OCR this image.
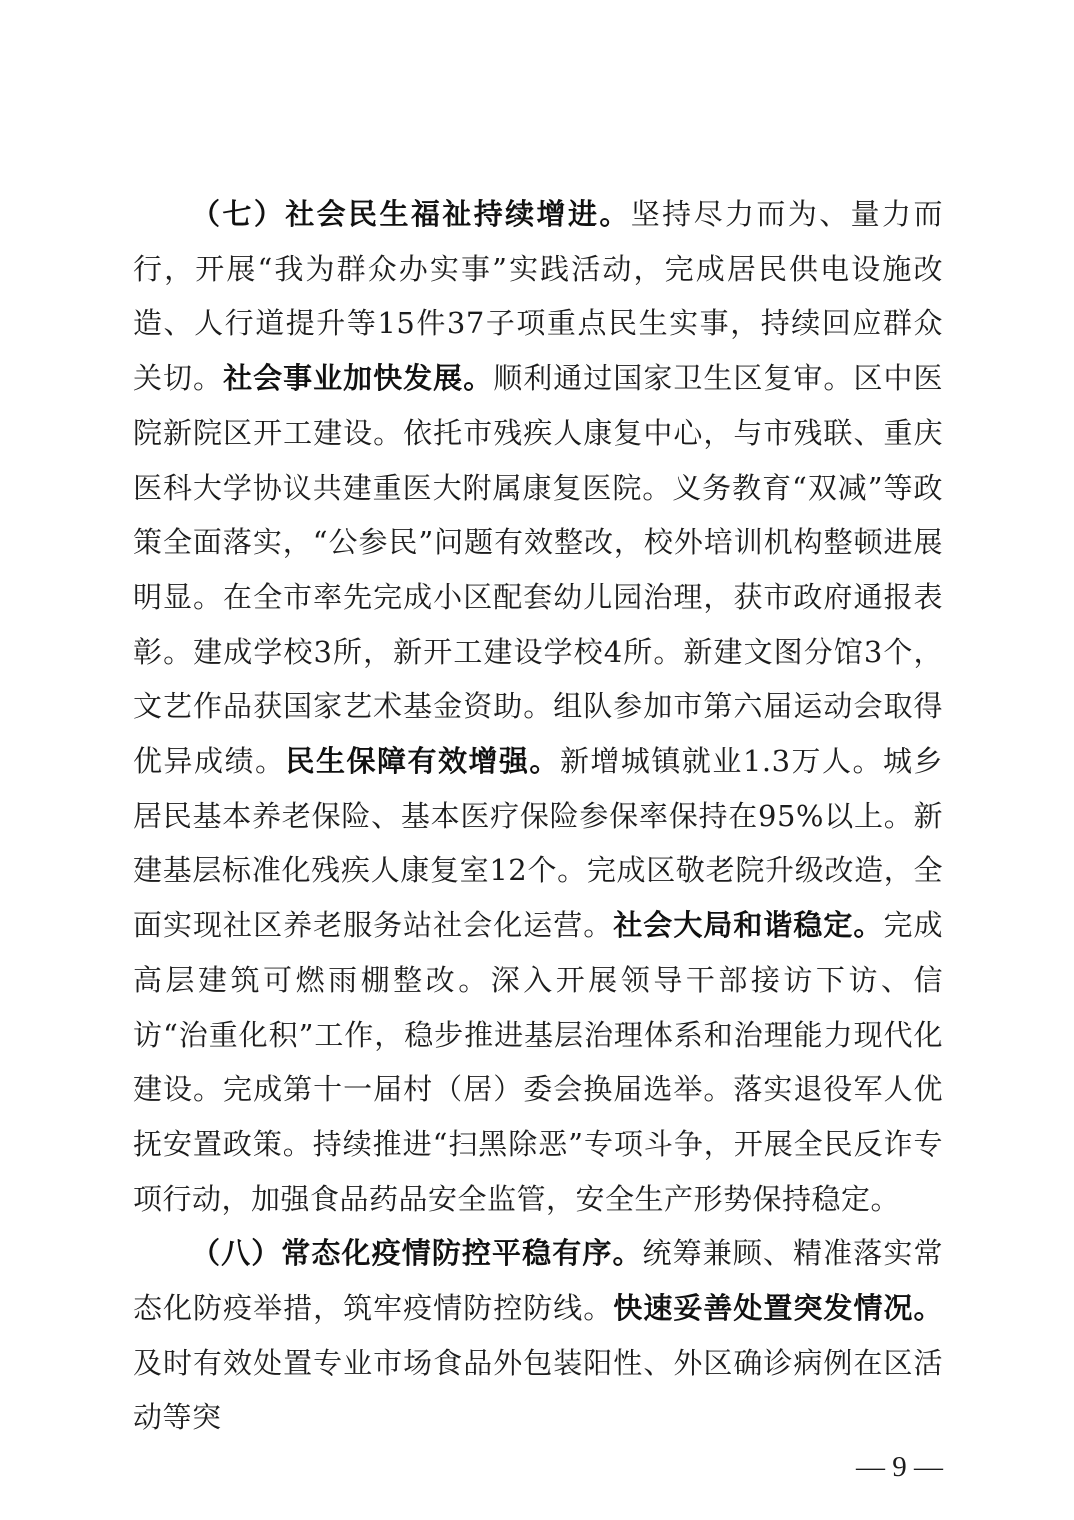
（七）社会民生福祉持续增进。坚持尽力而为、量力而行，开展“我为群众办实事”实践活动，完成居民供电设施改造、人行道提升等15件37子项重点民生实事，持续回应群众关切。社会事业加快发展。顺利通过国家卫生区复审。区中医院新院区开工建设。依托市残疾人康复中心，与市残联、重庆医科大学协议共建重医大附属康复医院。义务教育“双减”等政策全面落实，“公参民”问题有效整改，校外培训机构整顿进展明显。在全市率先完成小区配套幼儿园治理，获市政府通报表彰。建成学校3所，新开工建设学校4所。新建文图分馆3个，文艺作品获国家艺术基金资助。组队参加市第六届运动会取得优异成绩。民生保障有效增强。新增城镇就业1.3万人。城乡居民基本养老保险、基本医疗保险参保率保持在95%以上。新建基层标准化残疾人康复室12个。完成区敬老院升级改造，全面实现社区养老服务站社会化运营。社会大局和谐稳定。完成高层建筑可燃雨棚整改。深入开展领导干部接访下访、信访“治重化积”工作，稳步推进基层治理体系和治理能力现代化建设。完成第十一届村（居）委会换届选举。落实退役军人优抚安置政策。持续推进“扫黑除恶”专项斗争，开展全民反诈专项行动，加强食品药品安全监管，安全生产形势保持稳定。

（八）常态化疫情防控平稳有序。统筹兼顾、精准落实常态化防疫举措，筑牢疫情防控防线。快速妥善处置突发情况。及时有效处置专业市场食品外包装阳性、外区确诊病例在区活动等突

— 9 —
